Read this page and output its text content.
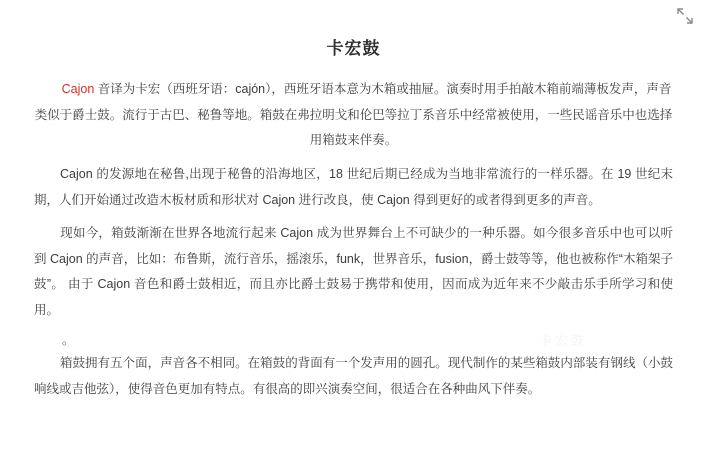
卡宏鼓
卡宏鼓

Cajon 音译为卡宏（西班牙语：cajón），西班牙语本意为木箱或抽屉。演奏时用手拍敲木箱前端薄板发声，声音类似于爵士鼓。流行于古巴、秘鲁等地。箱鼓在弗拉明戈和伦巴等拉丁系音乐中经常被使用，一些民谣音乐中也选择用箱鼓来伴奏。

Cajon 的发源地在秘鲁,出现于秘鲁的沿海地区，18 世纪后期已经成为当地非常流行的一样乐器。在 19 世纪末期，人们开始通过改造木板材质和形状对 Cajon 进行改良，使 Cajon 得到更好的或者得到更多的声音。

现如今，箱鼓渐渐在世界各地流行起来 Cajon 成为世界舞台上不可缺少的一种乐器。如今很多音乐中也可以听到 Cajon 的声音，比如：布鲁斯，流行音乐，摇滚乐，funk，世界音乐，fusion，爵士鼓等等，他也被称作“木箱架子鼓”。 由于 Cajon 音色和爵士鼓相近，而且亦比爵士鼓易于携带和使用，因而成为近年来不少敲击乐手所学习和使用。

。

箱鼓拥有五个面，声音各不相同。在箱鼓的背面有一个发声用的圆孔。现代制作的某些箱鼓内部装有钢线（小鼓响线或吉他弦），使得音色更加有特点。有很高的即兴演奏空间，很适合在各种曲风下伴奏。
